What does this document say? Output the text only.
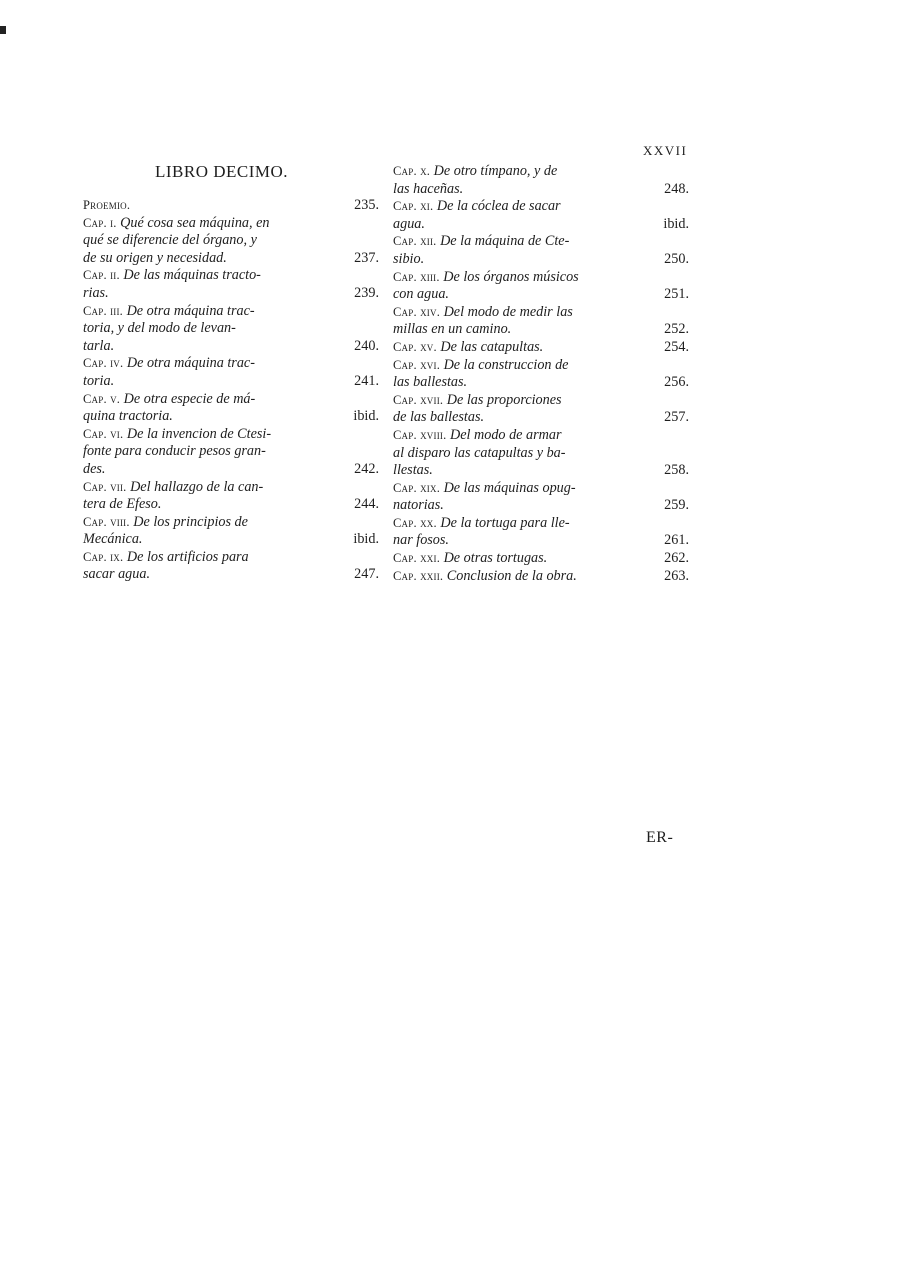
XXVII
LIBRO DECIMO.
Proemio.	235.
Cap. i. Qué cosa sea máquina, en
qué se diferencie del órgano, y
de su origen y necesidad.	237.
Cap. ii. De las máquinas tracto-
rias.	239.
Cap. iii. De otra máquina trac-
toria, y del modo de levan-
tarla.	240.
Cap. iv. De otra máquina trac-
toria.	241.
Cap. v. De otra especie de má-
quina tractoria.	ibid.
Cap. vi. De la invencion de Ctesi-
fonte para conducir pesos gran-
des.	242.
Cap. vii. Del hallazgo de la can-
tera de Efeso.	244.
Cap. viii. De los principios de
Mecánica.	ibid.
Cap. ix. De los artificios para
sacar agua.	247.
Cap. x. De otro tímpano, y de
las haceñas.	248.
Cap. xi. De la cóclea de sacar
agua.	ibid.
Cap. xii. De la máquina de Cte-
sibio.	250.
Cap. xiii. De los órganos músicos
con agua.	251.
Cap. xiv. Del modo de medir las
millas en un camino.	252.
Cap. xv. De las catapultas.	254.
Cap. xvi. De la construccion de
las ballestas.	256.
Cap. xvii. De las proporciones
de las ballestas.	257.
Cap. xviii. Del modo de armar
al disparo las catapultas y ba-
llestas.	258.
Cap. xix. De las máquinas opug-
natorias.	259.
Cap. xx. De la tortuga para lle-
nar fosos.	261.
Cap. xxi. De otras tortugas.	262.
Cap. xxii. Conclusion de la obra.	263.
ER-
